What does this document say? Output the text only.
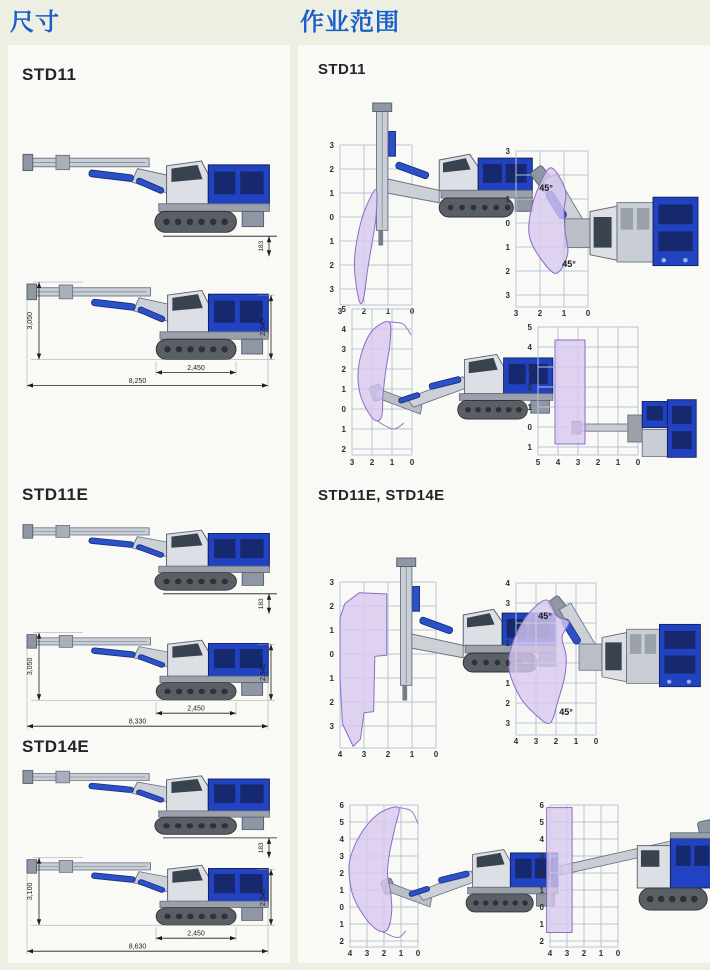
尺寸	作业范围
STD11
183
3,050	2,945
2,450
8,250
STD11E
183
3,050	2,945
2,450
8,330
STD14E
183
3,100	2,945
2,450
8,630
STD11
STD11E, STD14E
3
2
1
0
1
2
3
3 2 1 0
3
2
1
0
1
2
3
3 2 1 0
45°
45°
5
4
3
2
1
0
1
2
3 2 1 0
5
4
3
2
1
0
1
5 4 3 2 1 0
3
2
1
0
1
2
3
4 3 2 1 0
4
3
2
1
0
1
2
3
4 3 2 1 0
45°
45°
6
5
4
3
2
1
0
1
2
4 3 2 1 0
6
5
4
3
2
1
0
1
2
4 3 2 1 0
